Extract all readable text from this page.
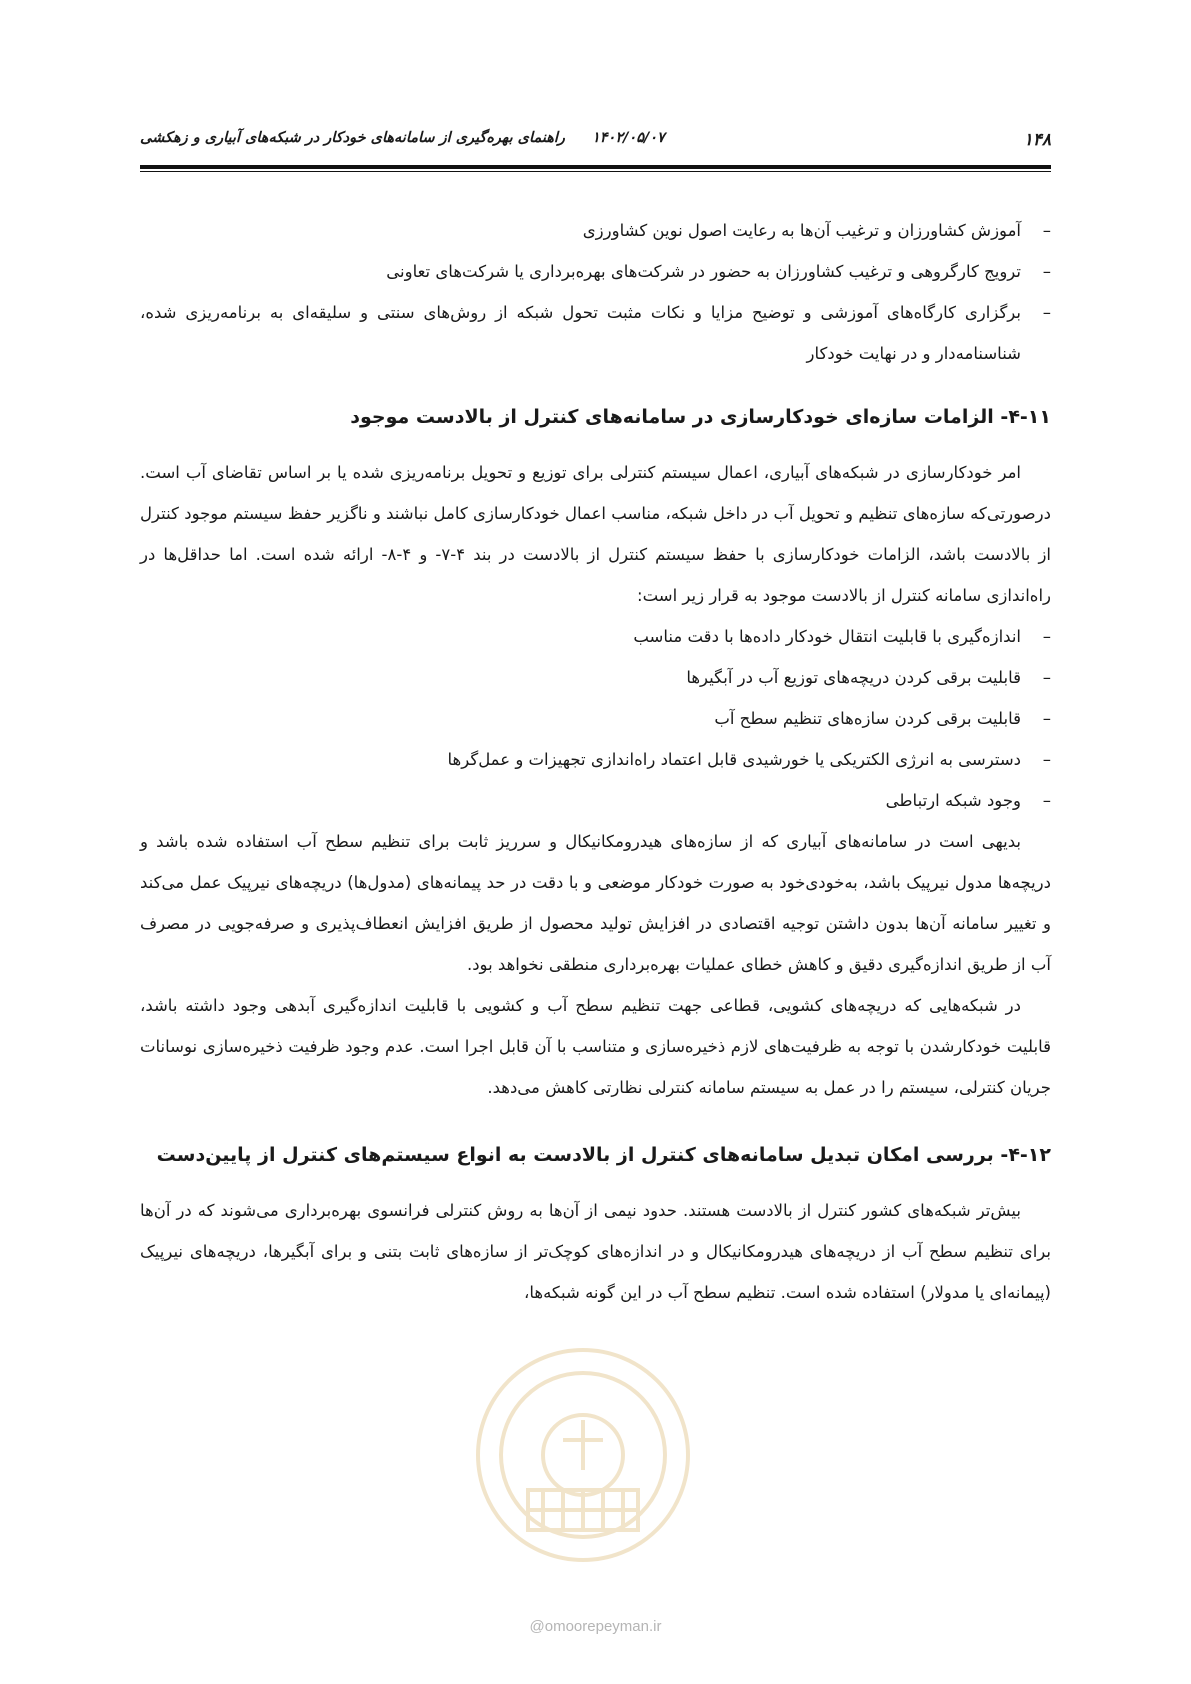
۱۴۸
۱۴۰۲/۰۵/۰۷ راهنمای بهره‌گیری از سامانه‌های خودکار در شبکه‌های آبیاری و زهکشی
– آموزش کشاورزان و ترغیب آن‌ها به رعایت اصول نوین کشاورزی
– ترویج کارگروهی و ترغیب کشاورزان به حضور در شرکت‌های بهره‌برداری یا شرکت‌های تعاونی
– برگزاری کارگاه‌های آموزشی و توضیح مزایا و نکات مثبت تحول شبکه از روش‌های سنتی و سلیقه‌ای به برنامه‌ریزی شده، شناسنامه‌دار و در نهایت خودکار
۴-۱۱- الزامات سازه‌ای خودکارسازی در سامانه‌های کنترل از بالادست موجود

امر خودکارسازی در شبکه‌های آبیاری، اعمال سیستم کنترلی برای توزیع و تحویل برنامه‌ریزی شده یا بر اساس تقاضای آب است. درصورتی‌که سازه‌های تنظیم و تحویل آب در داخل شبکه، مناسب اعمال خودکارسازی کامل نباشند و ناگزیر حفظ سیستم موجود کنترل از بالادست باشد، الزامات خودکارسازی با حفظ سیستم کنترل از بالادست در بند ۴-۷- و ۴-۸- ارائه شده است. اما حداقل‌ها در راه‌اندازی سامانه کنترل از بالادست موجود به قرار زیر است:

– اندازه‌گیری با قابلیت انتقال خودکار داده‌ها با دقت مناسب
– قابلیت برقی کردن دریچه‌های توزیع آب در آبگیرها
– قابلیت برقی کردن سازه‌های تنظیم سطح آب
– دسترسی به انرژی الکتریکی یا خورشیدی قابل اعتماد راه‌اندازی تجهیزات و عمل‌گرها
– وجود شبکه ارتباطی

بدیهی است در سامانه‌های آبیاری که از سازه‌های هیدرومکانیکال و سرریز ثابت برای تنظیم سطح آب استفاده شده باشد و دریچه‌ها مدول نیرپیک باشد، به‌خودی‌خود به صورت خودکار موضعی و با دقت در حد پیمانه‌های (مدول‌ها) دریچه‌های نیرپیک عمل می‌کند و تغییر سامانه آن‌ها بدون داشتن توجیه اقتصادی در افزایش تولید محصول از طریق افزایش انعطاف‌پذیری و صرفه‌جویی در مصرف آب از طریق اندازه‌گیری دقیق و کاهش خطای عملیات بهره‌برداری منطقی نخواهد بود.

در شبکه‌هایی که دریچه‌های کشویی، قطاعی جهت تنظیم سطح آب و کشویی با قابلیت اندازه‌گیری آبدهی وجود داشته باشد، قابلیت خودکارشدن با توجه به ظرفیت‌های لازم ذخیره‌سازی و متناسب با آن قابل اجرا است. عدم وجود ظرفیت ذخیره‌سازی نوسانات جریان کنترلی، سیستم را در عمل به سیستم سامانه کنترلی نظارتی کاهش می‌دهد.

۴-۱۲- بررسی امکان تبدیل سامانه‌های کنترل از بالادست به انواع سیستم‌های کنترل از پایین‌دست

بیش‌تر شبکه‌های کشور کنترل از بالادست هستند. حدود نیمی از آن‌ها به روش کنترلی فرانسوی بهره‌برداری می‌شوند که در آن‌ها برای تنظیم سطح آب از دریچه‌های هیدرومکانیکال و در اندازه‌های کوچک‌تر از سازه‌های ثابت بتنی و برای آبگیرها، دریچه‌های نیرپیک (پیمانه‌ای یا مدولار) استفاده شده است. تنظیم سطح آب در این گونه شبکه‌ها،

@omoorepeyman.ir
